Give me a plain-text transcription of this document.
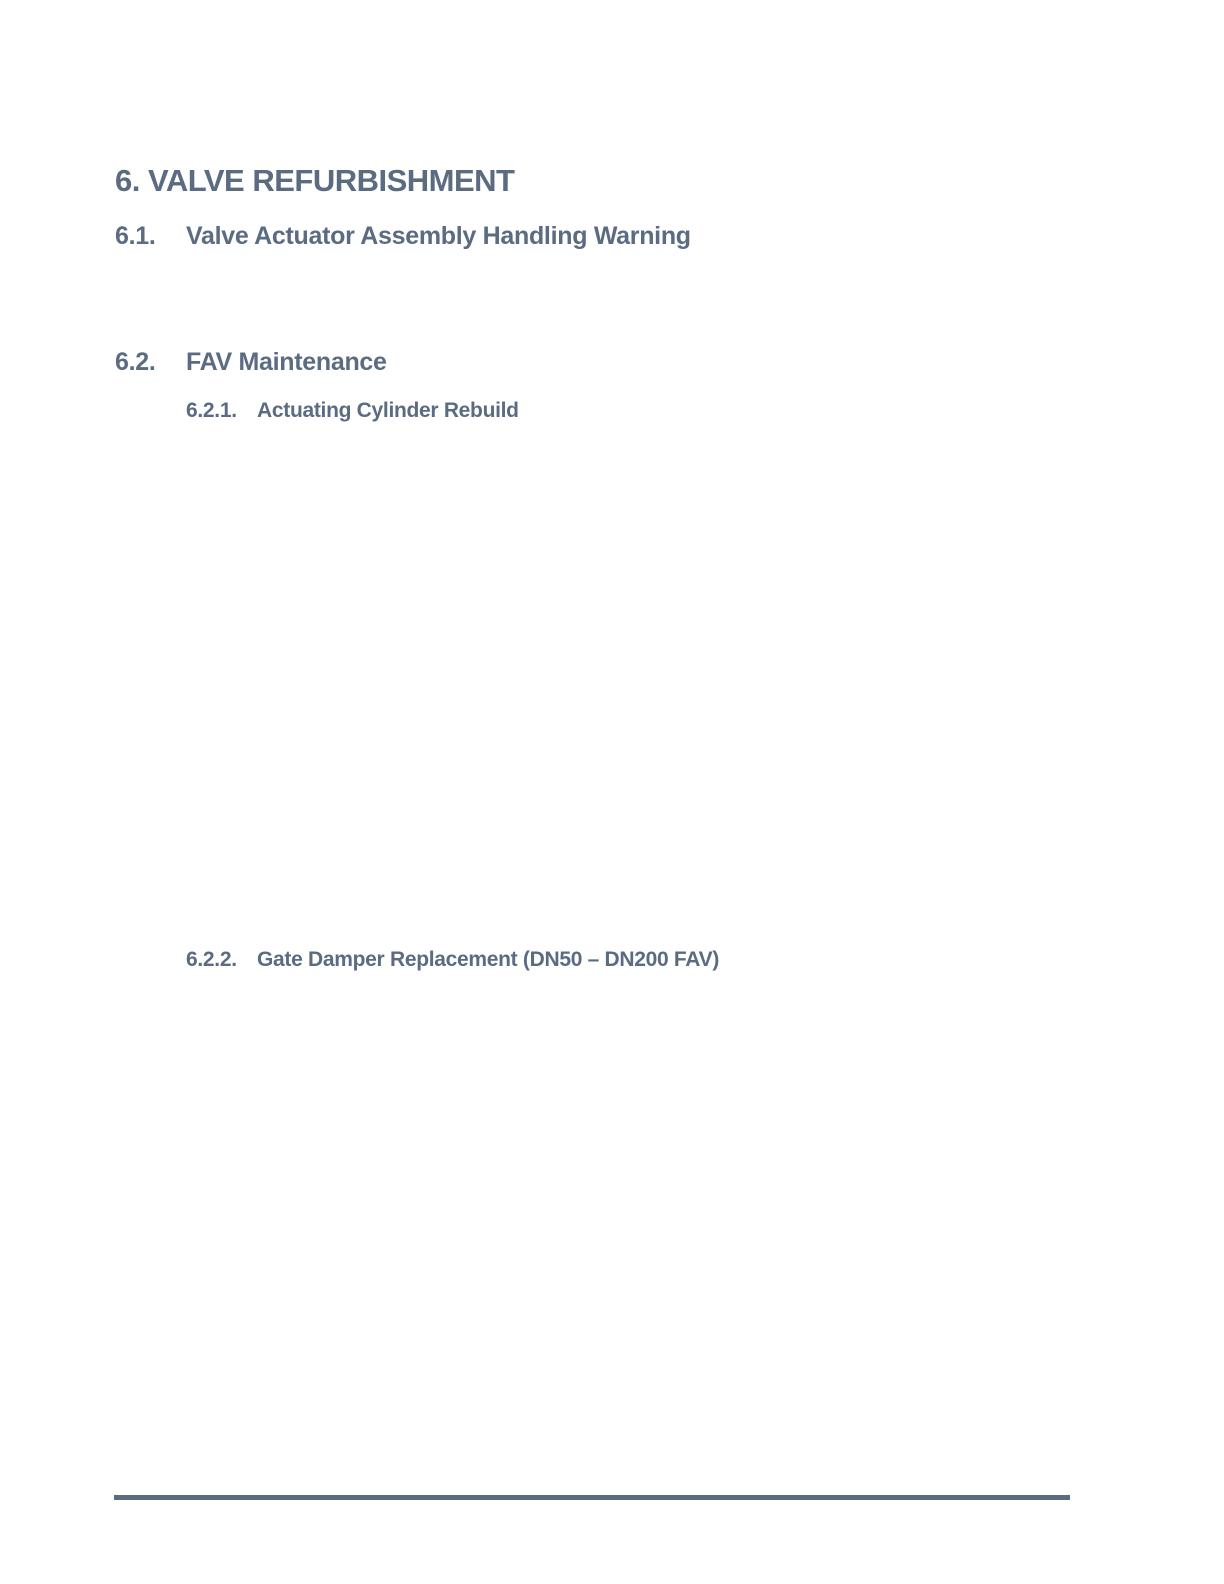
6. VALVE REFURBISHMENT
6.1. Valve Actuator Assembly Handling Warning
6.2. FAV Maintenance
6.2.1. Actuating Cylinder Rebuild
6.2.2. Gate Damper Replacement (DN50 – DN200 FAV)
